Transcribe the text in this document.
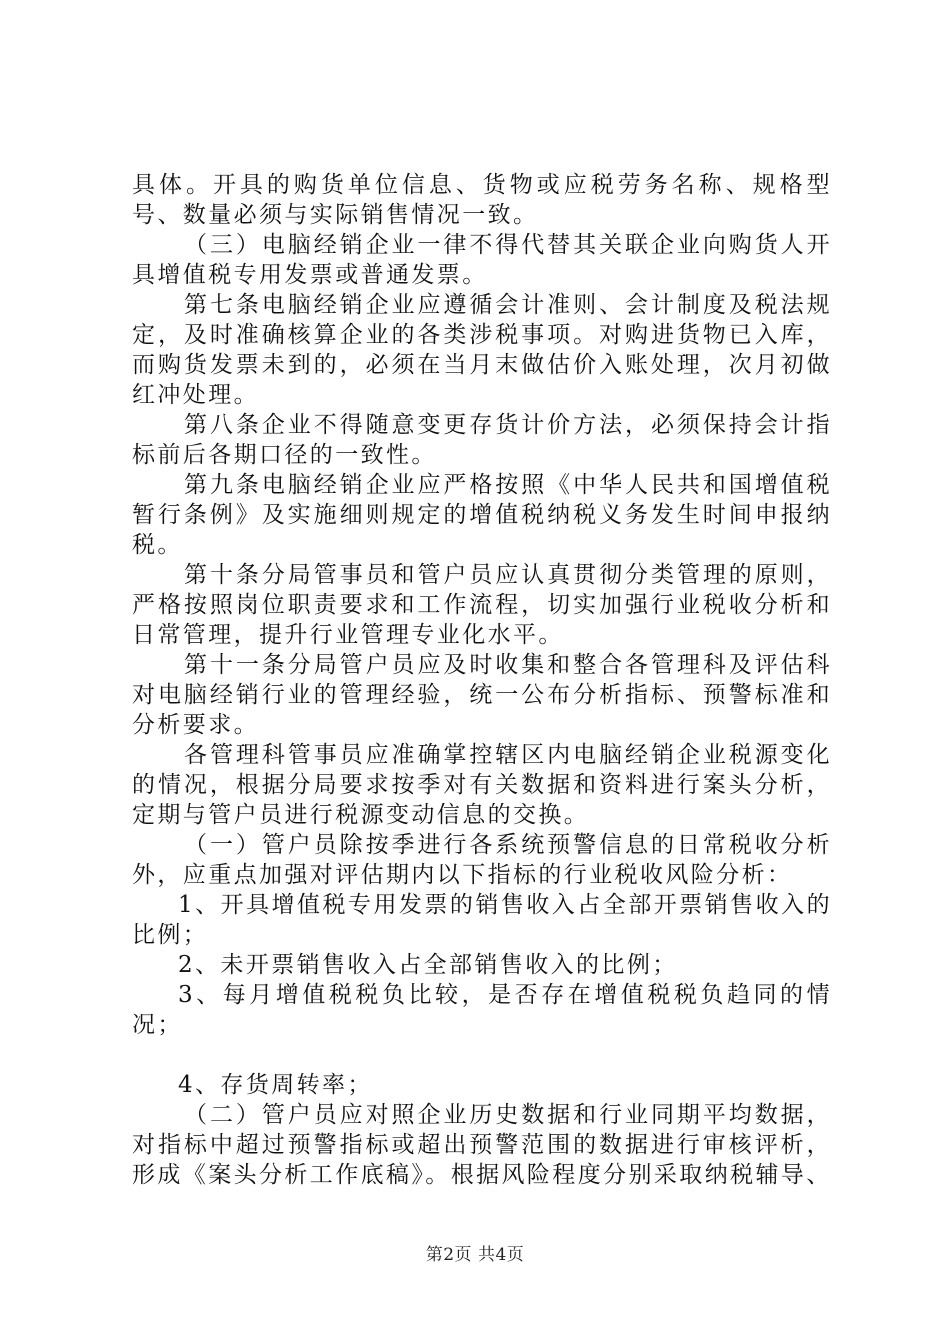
具体。开具的购货单位信息、货物或应税劳务名称、规格型号、数量必须与实际销售情况一致。

（三）电脑经销企业一律不得代替其关联企业向购货人开具增值税专用发票或普通发票。

第七条电脑经销企业应遵循会计准则、会计制度及税法规定，及时准确核算企业的各类涉税事项。对购进货物已入库，而购货发票未到的，必须在当月末做估价入账处理，次月初做红冲处理。

第八条企业不得随意变更存货计价方法，必须保持会计指标前后各期口径的一致性。

第九条电脑经销企业应严格按照《中华人民共和国增值税暂行条例》及实施细则规定的增值税纳税义务发生时间申报纳税。

第十条分局管事员和管户员应认真贯彻分类管理的原则，严格按照岗位职责要求和工作流程，切实加强行业税收分析和日常管理，提升行业管理专业化水平。

第十一条分局管户员应及时收集和整合各管理科及评估科对电脑经销行业的管理经验，统一公布分析指标、预警标准和分析要求。

各管理科管事员应准确掌控辖区内电脑经销企业税源变化的情况，根据分局要求按季对有关数据和资料进行案头分析，定期与管户员进行税源变动信息的交换。

（一）管户员除按季进行各系统预警信息的日常税收分析外，应重点加强对评估期内以下指标的行业税收风险分析：

1、开具增值税专用发票的销售收入占全部开票销售收入的比例；

2、未开票销售收入占全部销售收入的比例；

3、每月增值税税负比较，是否存在增值税税负趋同的情况；

4、存货周转率；

（二）管户员应对照企业历史数据和行业同期平均数据，对指标中超过预警指标或超出预警范围的数据进行审核评析，形成《案头分析工作底稿》。根据风险程度分别采取纳税辅导、

第2页 共4页
